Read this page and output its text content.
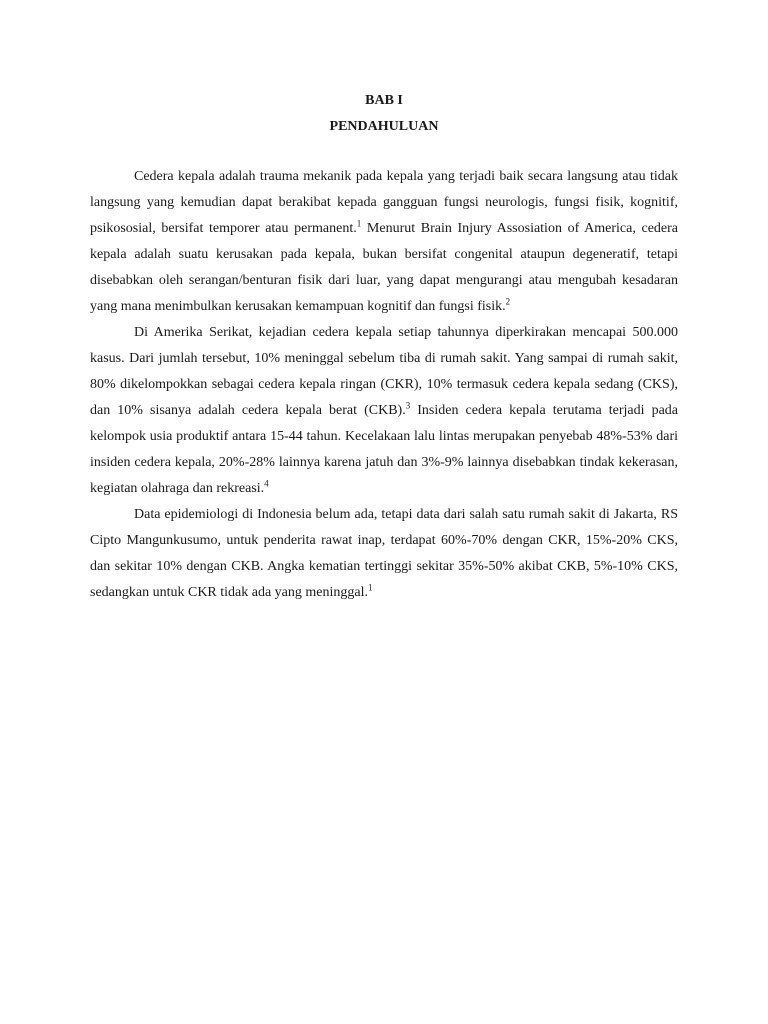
BAB I

PENDAHULUAN

Cedera kepala adalah trauma mekanik pada kepala yang terjadi baik secara langsung atau tidak langsung yang kemudian dapat berakibat kepada gangguan fungsi neurologis, fungsi fisik, kognitif, psikososial, bersifat temporer atau permanent.$^1$ Menurut Brain Injury Assosiation of America, cedera kepala adalah suatu kerusakan pada kepala, bukan bersifat congenital ataupun degeneratif, tetapi disebabkan oleh serangan/benturan fisik dari luar, yang dapat mengurangi atau mengubah kesadaran yang mana menimbulkan kerusakan kemampuan kognitif dan fungsi fisik.$^2$

Di Amerika Serikat, kejadian cedera kepala setiap tahunnya diperkirakan mencapai 500.000 kasus. Dari jumlah tersebut, 10% meninggal sebelum tiba di rumah sakit. Yang sampai di rumah sakit, 80% dikelompokkan sebagai cedera kepala ringan (CKR), 10% termasuk cedera kepala sedang (CKS), dan 10% sisanya adalah cedera kepala berat (CKB).$^3$ Insiden cedera kepala terutama terjadi pada kelompok usia produktif antara 15-44 tahun. Kecelakaan lalu lintas merupakan penyebab 48%-53% dari insiden cedera kepala, 20%-28% lainnya karena jatuh dan 3%-9% lainnya disebabkan tindak kekerasan, kegiatan olahraga dan rekreasi.$^4$

Data epidemiologi di Indonesia belum ada, tetapi data dari salah satu rumah sakit di Jakarta, RS Cipto Mangunkusumo, untuk penderita rawat inap, terdapat 60%-70% dengan CKR, 15%-20% CKS, dan sekitar 10% dengan CKB. Angka kematian tertinggi sekitar 35%-50% akibat CKB, 5%-10% CKS, sedangkan untuk CKR tidak ada yang meninggal.$^1$
